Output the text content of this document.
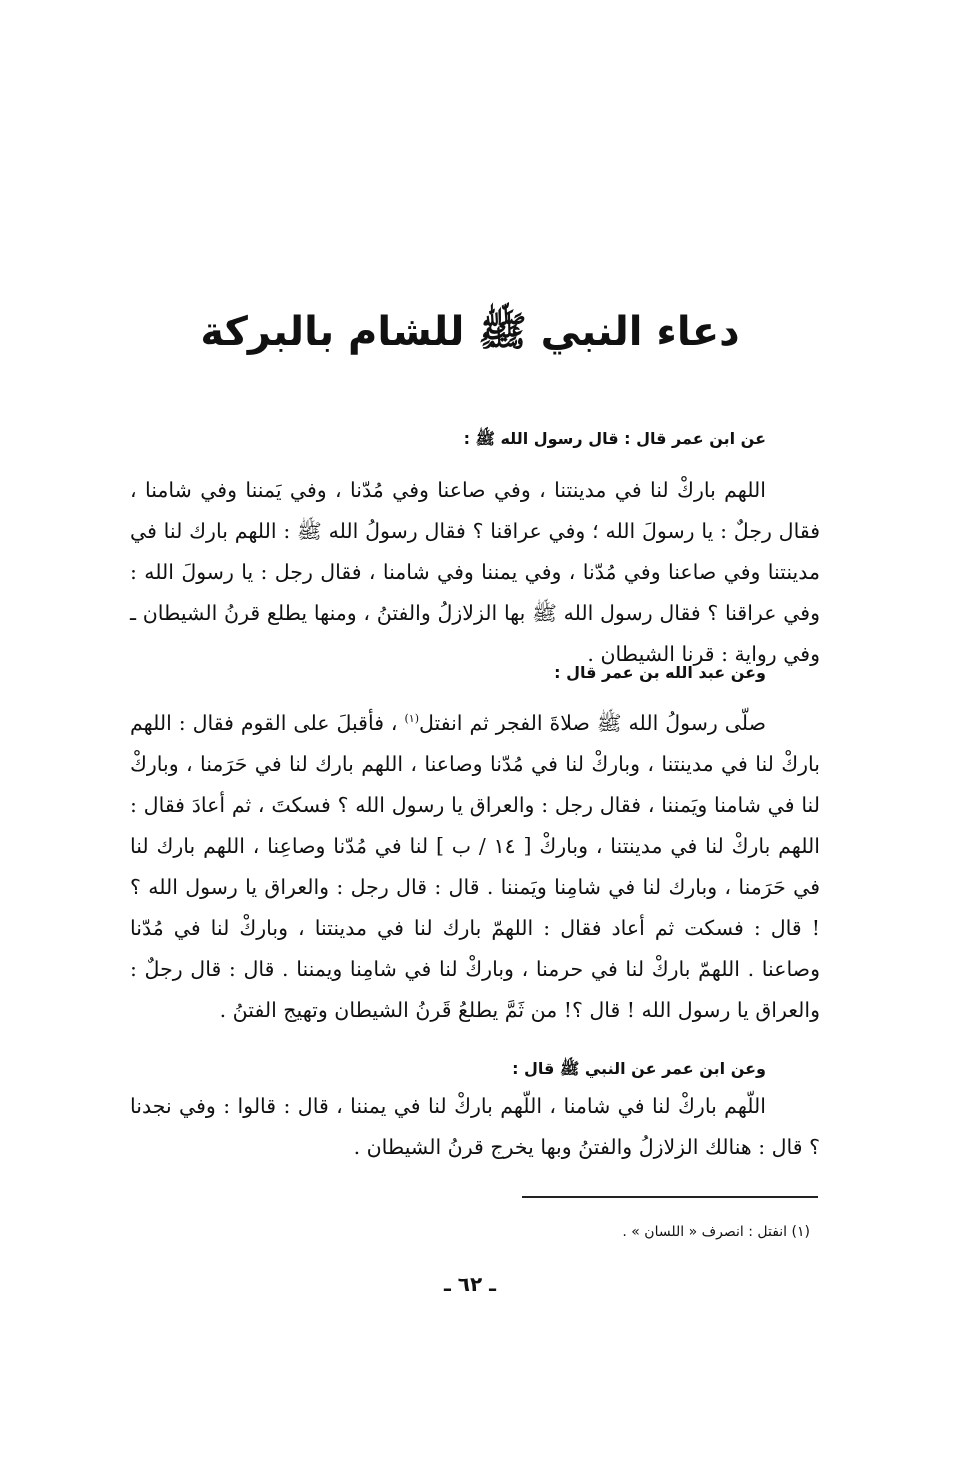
دعاء النبي ﷺ للشام بالبركة

عن ابن عمر قال : قال رسول الله ﷺ :

اللهم باركْ لنا في مدينتنا ، وفي صاعنا وفي مُدّنا ، وفي يَمننا وفي شامنا ، فقال رجلٌ : يا رسولَ الله ؛ وفي عراقنا ؟ فقال رسولُ الله ﷺ : اللهم بارك لنا في مدينتنا وفي صاعنا وفي مُدّنا ، وفي يمننا وفي شامنا ، فقال رجل : يا رسولَ الله : وفي عراقنا ؟ فقال رسول الله ﷺ بها الزلازلُ والفتنُ ، ومنها يطلع قرنُ الشيطان ـ وفي رواية : قرنا الشيطان .

وعن عبد الله بن عمر قال :

صلّى رسولُ الله ﷺ صلاةَ الفجر ثم انفتل$^{(١)}$ ، فأقبلَ على القوم فقال : اللهم باركْ لنا في مدينتنا ، وباركْ لنا في مُدّنا وصاعنا ، اللهم بارك لنا في حَرَمنا ، وباركْ لنا في شامنا ويَمننا ، فقال رجل : والعراق يا رسول الله ؟ فسكتَ ، ثم أعادَ فقال : اللهم باركْ لنا في مدينتنا ، وباركْ [ ١٤ / ب ] لنا في مُدّنا وصاعِنا ، اللهم بارك لنا في حَرَمنا ، وبارك لنا في شامِنا ويَمننا . قال : قال رجل : والعراق يا رسول الله ؟ ! قال : فسكت ثم أعاد فقال : اللهمّ بارك لنا في مدينتنا ، وباركْ لنا في مُدّنا وصاعنا . اللهمّ باركْ لنا في حرمنا ، وباركْ لنا في شامِنا ويمننا . قال : قال رجلٌ : والعراق يا رسول الله ! قال ؟! من ثَمَّ يطلعُ قَرنُ الشيطان وتهيج الفتنُ .

وعن ابن عمر عن النبي ﷺ قال :

اللّهم باركْ لنا في شامنا ، اللّهم باركْ لنا في يمننا ، قال : قالوا : وفي نجدنا ؟ قال : هنالك الزلازلُ والفتنُ وبها يخرج قرنُ الشيطان .

(١) انفتل : انصرف « اللسان » .
ـ ٦٢ ـ
